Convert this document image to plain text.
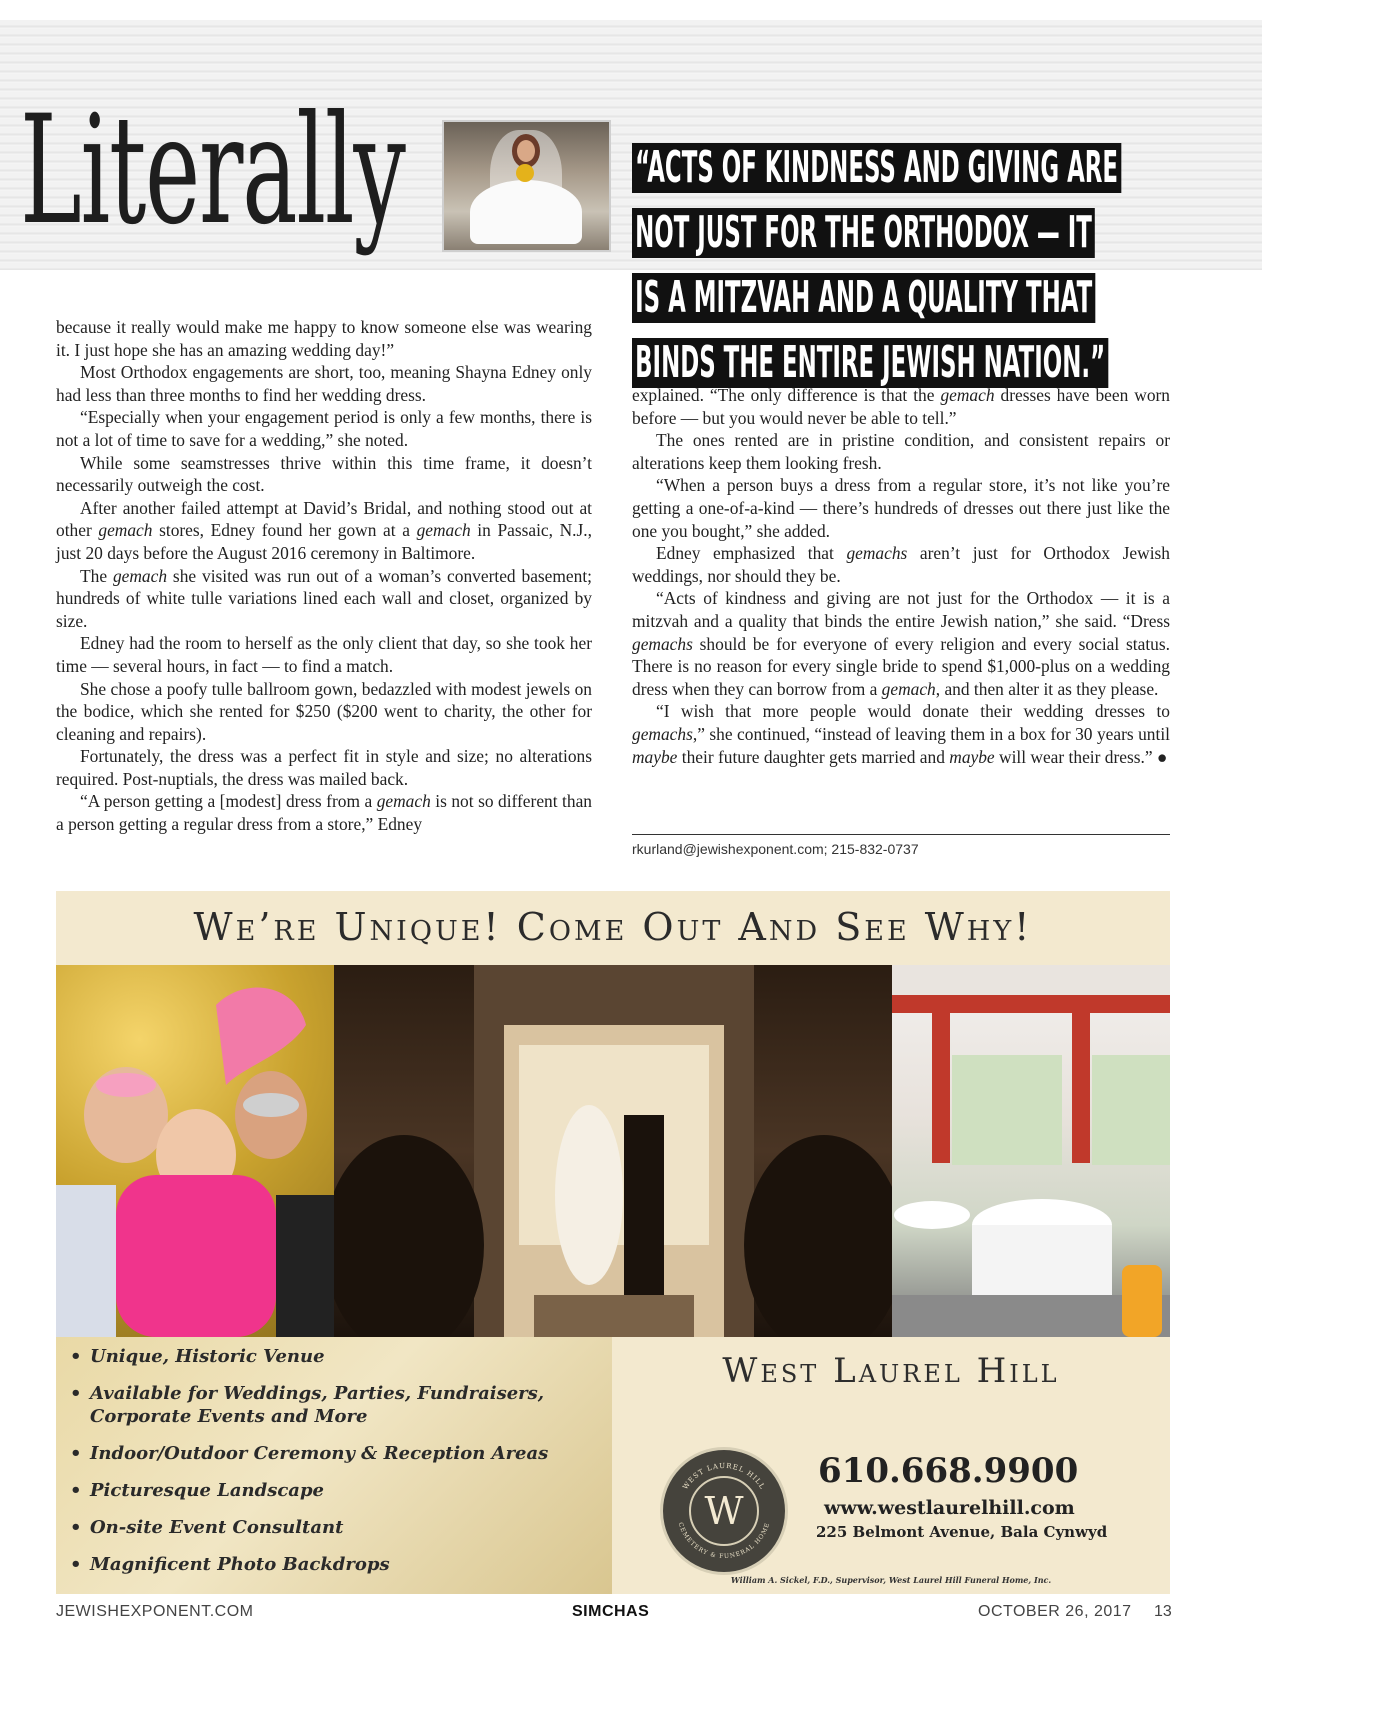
Literally	“ACTS OF KINDNESS AND GIVING ARE
NOT JUST FOR THE ORTHODOX — IT
IS A MITZVAH AND A QUALITY THAT
BINDS THE ENTIRE JEWISH NATION.”

because it really would make me happy to know someone else was wearing it. I just hope she has an amazing wedding day!”

Most Orthodox engagements are short, too, meaning Shayna Edney only had less than three months to find her wedding dress.

“Especially when your engagement period is only a few months, there is not a lot of time to save for a wedding,” she noted.

While some seamstresses thrive within this time frame, it doesn’t necessarily outweigh the cost.

After another failed attempt at David’s Bridal, and nothing stood out at other gemach stores, Edney found her gown at a gemach in Passaic, N.J., just 20 days before the August 2016 ceremony in Baltimore.

The gemach she visited was run out of a woman’s converted basement; hundreds of white tulle variations lined each wall and closet, organized by size.

Edney had the room to herself as the only client that day, so she took her time — several hours, in fact — to find a match.

She chose a poofy tulle ballroom gown, bedazzled with modest jewels on the bodice, which she rented for $250 ($200 went to charity, the other for cleaning and repairs).

Fortunately, the dress was a perfect fit in style and size; no alterations required. Post-nuptials, the dress was mailed back.

“A person getting a [modest] dress from a gemach is not so different than a person getting a regular dress from a store,” Edney

explained. “The only difference is that the gemach dresses have been worn before — but you would never be able to tell.”

The ones rented are in pristine condition, and consistent repairs or alterations keep them looking fresh.

“When a person buys a dress from a regular store, it’s not like you’re getting a one-of-a-kind — there’s hundreds of dresses out there just like the one you bought,” she added.

Edney emphasized that gemachs aren’t just for Orthodox Jewish weddings, nor should they be.

“Acts of kindness and giving are not just for the Orthodox — it is a mitzvah and a quality that binds the entire Jewish nation,” she said. “Dress gemachs should be for everyone of every religion and every social status. There is no reason for every single bride to spend $1,000-plus on a wedding dress when they can borrow from a gemach, and then alter it as they please.

“I wish that more people would donate their wedding dresses to gemachs,” she continued, “instead of leaving them in a box for 30 years until maybe their future daughter gets married and maybe will wear their dress.” ●

rkurland@jewishexponent.com; 215-832-0737
We’re Unique! Come Out And See Why!
• Unique, Historic Venue
• Available for Weddings, Parties, Fundraisers, Corporate Events and More
• Indoor/Outdoor Ceremony & Reception Areas
• Picturesque Landscape
• On-site Event Consultant
• Magnificent Photo Backdrops
West Laurel Hill
WEST LAUREL HILL
CEMETERY & FUNERAL HOME
W
610.668.9900
www.westlaurelhill.com
225 Belmont Avenue, Bala Cynwyd
William A. Sickel, F.D., Supervisor, West Laurel Hill Funeral Home, Inc.
JEWISHEXPONENT.COM	SIMCHAS	OCTOBER 26, 2017 13
